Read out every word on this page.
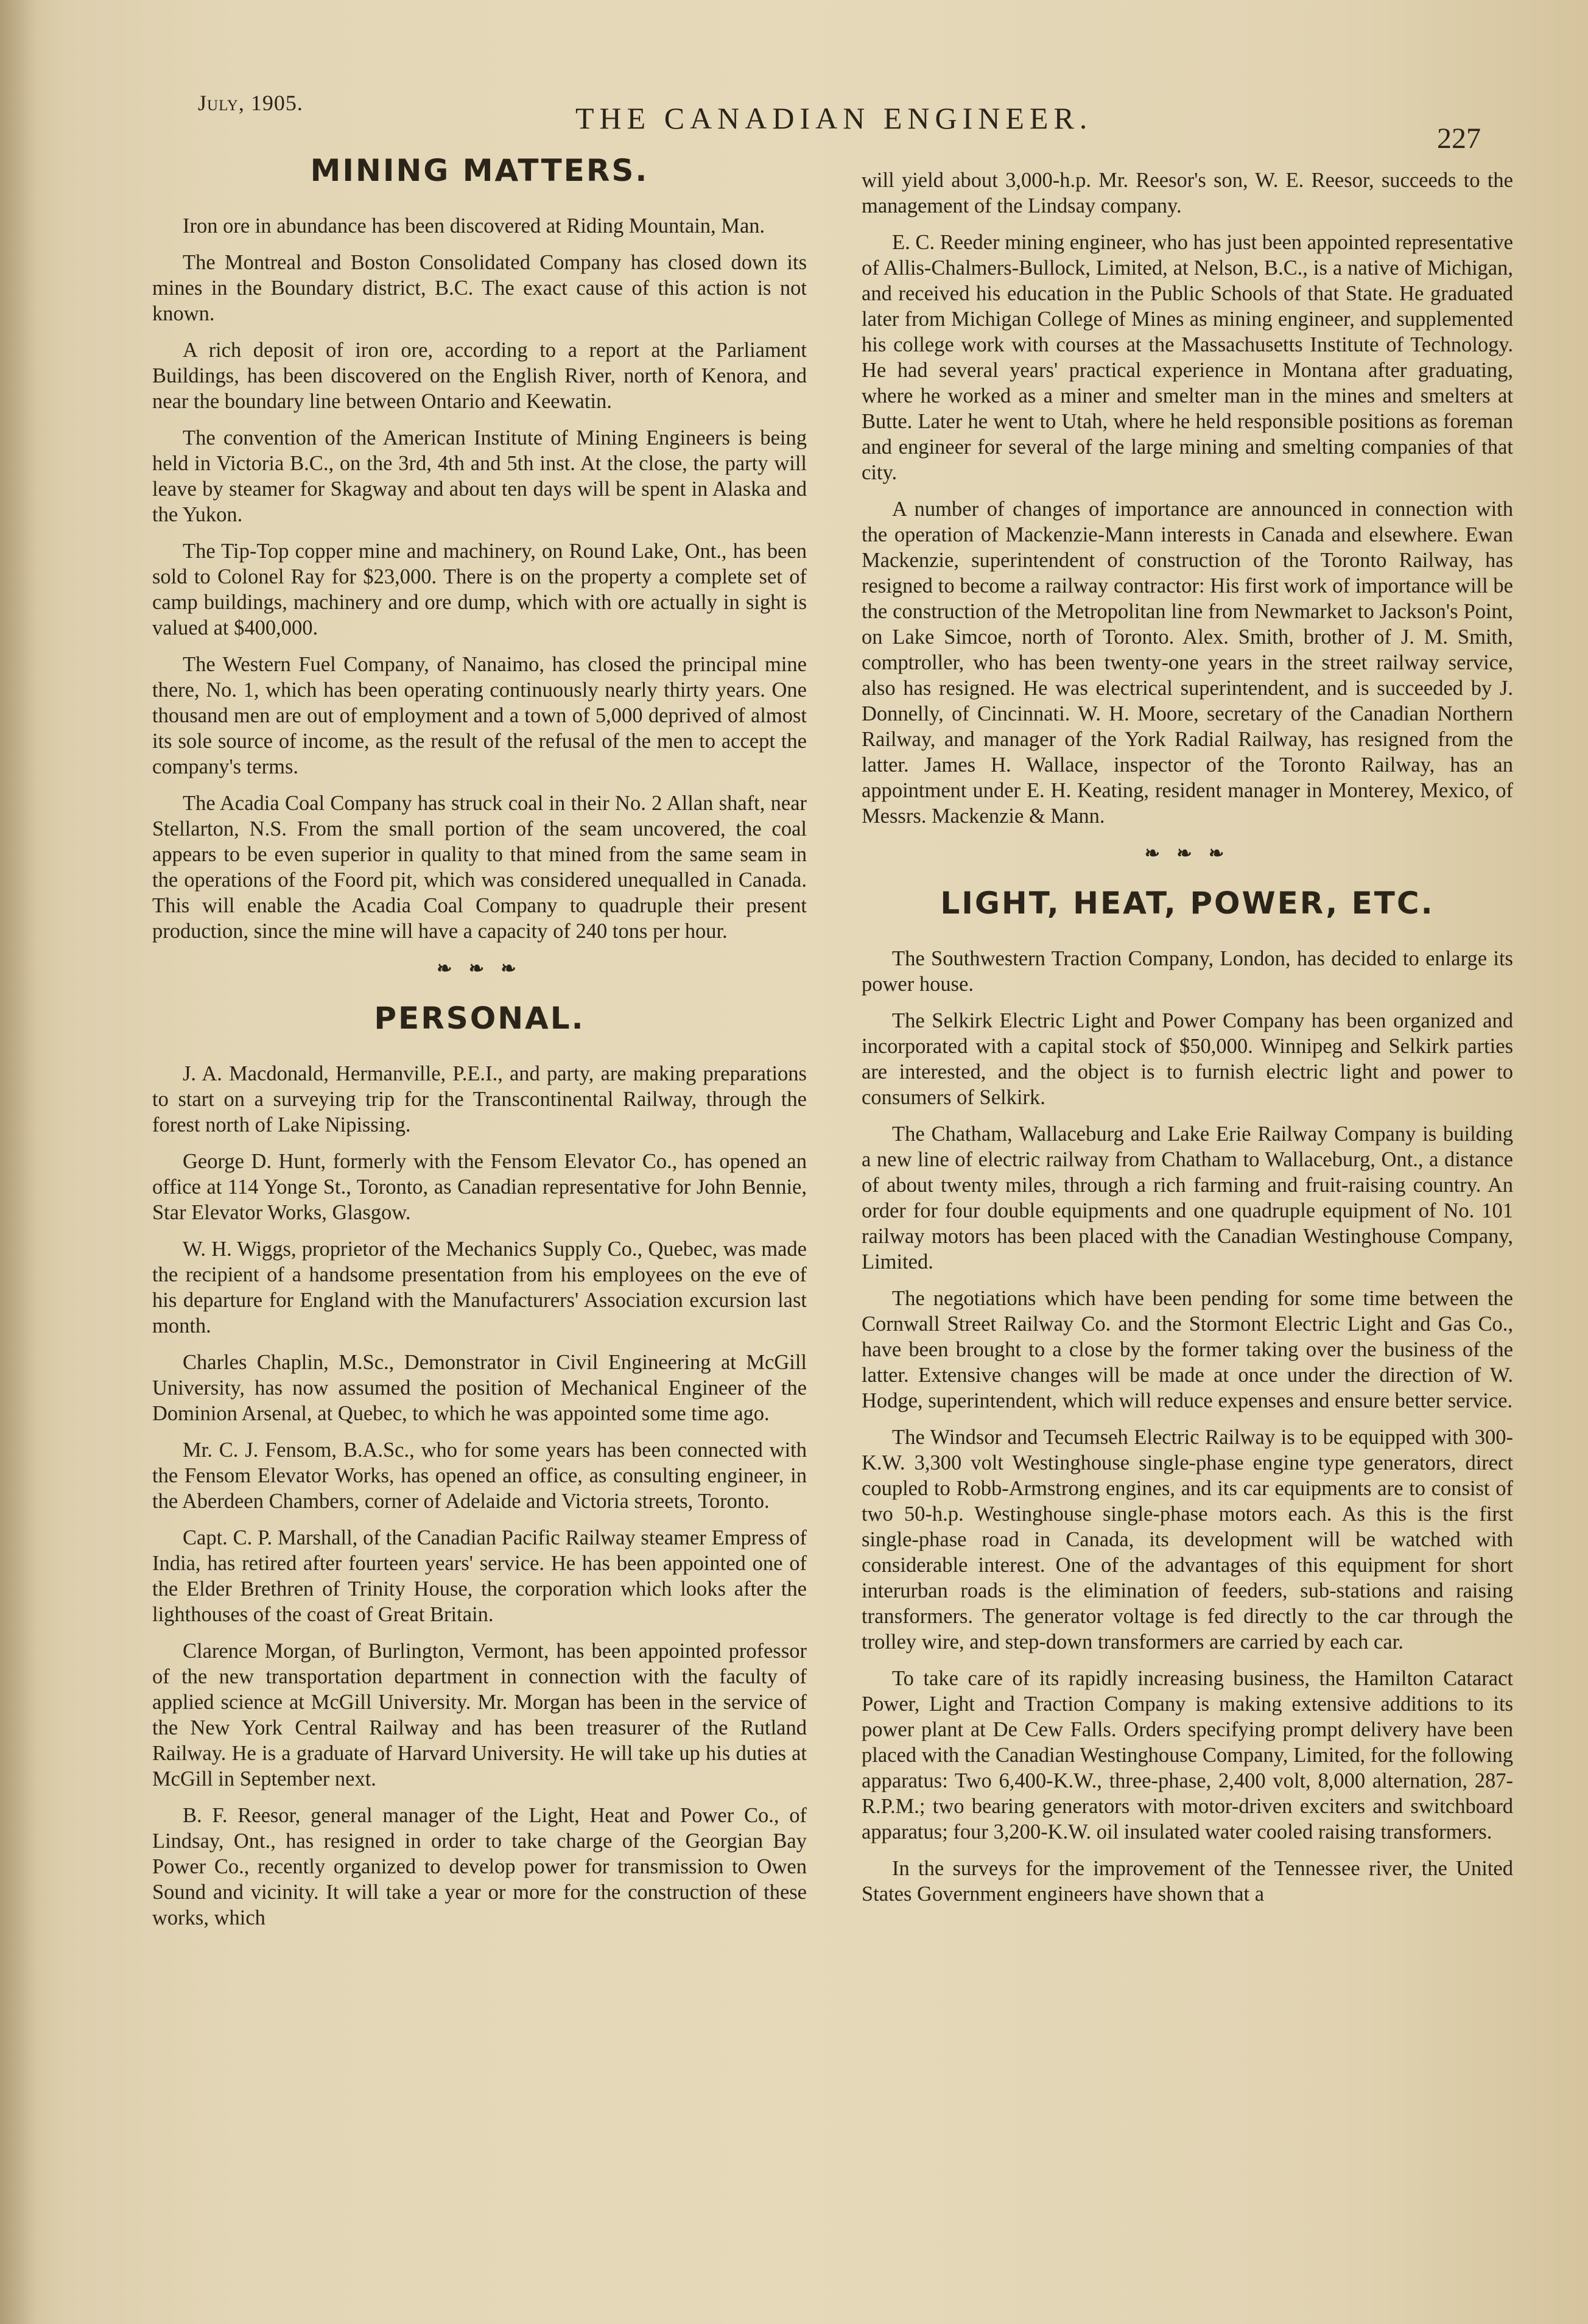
July, 1905.	THE CANADIAN ENGINEER.
227
MINING MATTERS.

Iron ore in abundance has been discovered at Riding Mountain, Man.

The Montreal and Boston Consolidated Company has closed down its mines in the Boundary district, B.C. The exact cause of this action is not known.

A rich deposit of iron ore, according to a report at the Parliament Buildings, has been discovered on the English River, north of Kenora, and near the boundary line between Ontario and Keewatin.

The convention of the American Institute of Mining Engineers is being held in Victoria B.C., on the 3rd, 4th and 5th inst. At the close, the party will leave by steamer for Skagway and about ten days will be spent in Alaska and the Yukon.

The Tip-Top copper mine and machinery, on Round Lake, Ont., has been sold to Colonel Ray for $23,000. There is on the property a complete set of camp buildings, machinery and ore dump, which with ore actually in sight is valued at $400,000.

The Western Fuel Company, of Nanaimo, has closed the principal mine there, No. 1, which has been operating continuously nearly thirty years. One thousand men are out of employment and a town of 5,000 deprived of almost its sole source of income, as the result of the refusal of the men to accept the company's terms.

The Acadia Coal Company has struck coal in their No. 2 Allan shaft, near Stellarton, N.S. From the small portion of the seam uncovered, the coal appears to be even superior in quality to that mined from the same seam in the operations of the Foord pit, which was considered unequalled in Canada. This will enable the Acadia Coal Company to quadruple their present production, since the mine will have a capacity of 240 tons per hour.

❧ ❧ ❧
PERSONAL.

J. A. Macdonald, Hermanville, P.E.I., and party, are making preparations to start on a surveying trip for the Transcontinental Railway, through the forest north of Lake Nipissing.

George D. Hunt, formerly with the Fensom Elevator Co., has opened an office at 114 Yonge St., Toronto, as Canadian representative for John Bennie, Star Elevator Works, Glasgow.

W. H. Wiggs, proprietor of the Mechanics Supply Co., Quebec, was made the recipient of a handsome presentation from his employees on the eve of his departure for England with the Manufacturers' Association excursion last month.

Charles Chaplin, M.Sc., Demonstrator in Civil Engineering at McGill University, has now assumed the position of Mechanical Engineer of the Dominion Arsenal, at Quebec, to which he was appointed some time ago.

Mr. C. J. Fensom, B.A.Sc., who for some years has been connected with the Fensom Elevator Works, has opened an office, as consulting engineer, in the Aberdeen Chambers, corner of Adelaide and Victoria streets, Toronto.

Capt. C. P. Marshall, of the Canadian Pacific Railway steamer Empress of India, has retired after fourteen years' service. He has been appointed one of the Elder Brethren of Trinity House, the corporation which looks after the lighthouses of the coast of Great Britain.

Clarence Morgan, of Burlington, Vermont, has been appointed professor of the new transportation department in connection with the faculty of applied science at McGill University. Mr. Morgan has been in the service of the New York Central Railway and has been treasurer of the Rutland Railway. He is a graduate of Harvard University. He will take up his duties at McGill in September next.

B. F. Reesor, general manager of the Light, Heat and Power Co., of Lindsay, Ont., has resigned in order to take charge of the Georgian Bay Power Co., recently organized to develop power for transmission to Owen Sound and vicinity. It will take a year or more for the construction of these works, which

will yield about 3,000-h.p. Mr. Reesor's son, W. E. Reesor, succeeds to the management of the Lindsay company.

E. C. Reeder mining engineer, who has just been appointed representative of Allis-Chalmers-Bullock, Limited, at Nelson, B.C., is a native of Michigan, and received his education in the Public Schools of that State. He graduated later from Michigan College of Mines as mining engineer, and supplemented his college work with courses at the Massachusetts Institute of Technology. He had several years' practical experience in Montana after graduating, where he worked as a miner and smelter man in the mines and smelters at Butte. Later he went to Utah, where he held responsible positions as foreman and engineer for several of the large mining and smelting companies of that city.

A number of changes of importance are announced in connection with the operation of Mackenzie-Mann interests in Canada and elsewhere. Ewan Mackenzie, superintendent of construction of the Toronto Railway, has resigned to become a railway contractor: His first work of importance will be the construction of the Metropolitan line from Newmarket to Jackson's Point, on Lake Simcoe, north of Toronto. Alex. Smith, brother of J. M. Smith, comptroller, who has been twenty-one years in the street railway service, also has resigned. He was electrical superintendent, and is succeeded by J. Donnelly, of Cincinnati. W. H. Moore, secretary of the Canadian Northern Railway, and manager of the York Radial Railway, has resigned from the latter. James H. Wallace, inspector of the Toronto Railway, has an appointment under E. H. Keating, resident manager in Monterey, Mexico, of Messrs. Mackenzie & Mann.

❧ ❧ ❧
LIGHT, HEAT, POWER, ETC.

The Southwestern Traction Company, London, has decided to enlarge its power house.

The Selkirk Electric Light and Power Company has been organized and incorporated with a capital stock of $50,000. Winnipeg and Selkirk parties are interested, and the object is to furnish electric light and power to consumers of Selkirk.

The Chatham, Wallaceburg and Lake Erie Railway Company is building a new line of electric railway from Chatham to Wallaceburg, Ont., a distance of about twenty miles, through a rich farming and fruit-raising country. An order for four double equipments and one quadruple equipment of No. 101 railway motors has been placed with the Canadian Westinghouse Company, Limited.

The negotiations which have been pending for some time between the Cornwall Street Railway Co. and the Stormont Electric Light and Gas Co., have been brought to a close by the former taking over the business of the latter. Extensive changes will be made at once under the direction of W. Hodge, superintendent, which will reduce expenses and ensure better service.

The Windsor and Tecumseh Electric Railway is to be equipped with 300-K.W. 3,300 volt Westinghouse single-phase engine type generators, direct coupled to Robb-Armstrong engines, and its car equipments are to consist of two 50-h.p. Westinghouse single-phase motors each. As this is the first single-phase road in Canada, its development will be watched with considerable interest. One of the advantages of this equipment for short interurban roads is the elimination of feeders, sub-stations and raising transformers. The generator voltage is fed directly to the car through the trolley wire, and step-down transformers are carried by each car.

To take care of its rapidly increasing business, the Hamilton Cataract Power, Light and Traction Company is making extensive additions to its power plant at De Cew Falls. Orders specifying prompt delivery have been placed with the Canadian Westinghouse Company, Limited, for the following apparatus: Two 6,400-K.W., three-phase, 2,400 volt, 8,000 alternation, 287-R.P.M.; two bearing generators with motor-driven exciters and switchboard apparatus; four 3,200-K.W. oil insulated water cooled raising transformers.

In the surveys for the improvement of the Tennessee river, the United States Government engineers have shown that a
